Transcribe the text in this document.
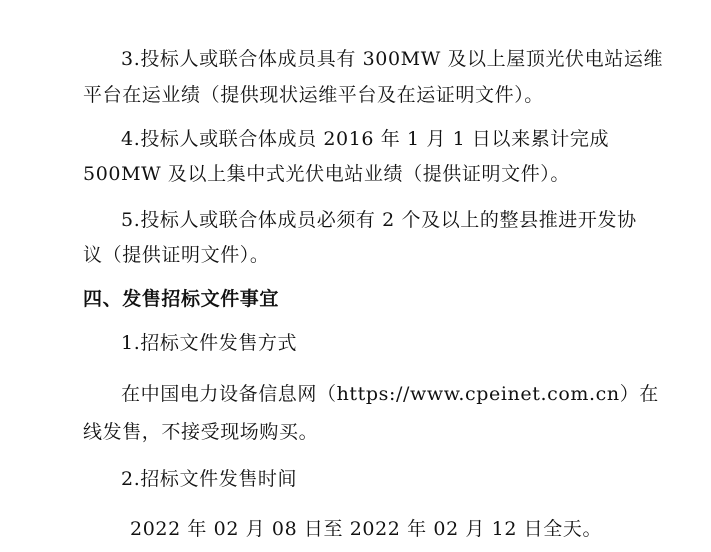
3.投标人或联合体成员具有 300MW 及以上屋顶光伏电站运维
平台在运业绩（提供现状运维平台及在运证明文件）。
4.投标人或联合体成员 2016 年 1 月 1 日以来累计完成
500MW 及以上集中式光伏电站业绩（提供证明文件）。
5.投标人或联合体成员必须有 2 个及以上的整县推进开发协
议（提供证明文件）。
四、发售招标文件事宜
1.招标文件发售方式
在中国电力设备信息网（https://www.cpeinet.com.cn）在
线发售，不接受现场购买。
2.招标文件发售时间
2022 年 02 月 08 日至 2022 年 02 月 12 日全天。
